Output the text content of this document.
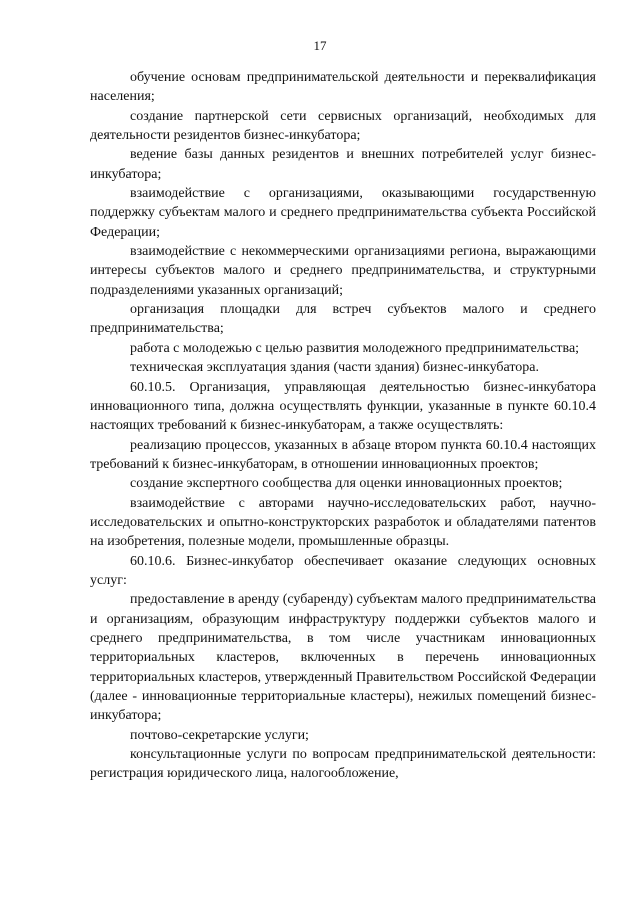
17

обучение основам предпринимательской деятельности и переквалификация населения;

создание партнерской сети сервисных организаций, необходимых для деятельности резидентов бизнес-инкубатора;

ведение базы данных резидентов и внешних потребителей услуг бизнес-инкубатора;

взаимодействие с организациями, оказывающими государственную поддержку субъектам малого и среднего предпринимательства субъекта Российской Федерации;

взаимодействие с некоммерческими организациями региона, выражающими интересы субъектов малого и среднего предпринимательства, и структурными подразделениями указанных организаций;

организация площадки для встреч субъектов малого и среднего предпринимательства;

работа с молодежью с целью развития молодежного предпринимательства;

техническая эксплуатация здания (части здания) бизнес-инкубатора.

60.10.5. Организация, управляющая деятельностью бизнес-инкубатора инновационного типа, должна осуществлять функции, указанные в пункте 60.10.4 настоящих требований к бизнес-инкубаторам, а также осуществлять:

реализацию процессов, указанных в абзаце втором пункта 60.10.4 настоящих требований к бизнес-инкубаторам, в отношении инновационных проектов;

создание экспертного сообщества для оценки инновационных проектов;

взаимодействие с авторами научно-исследовательских работ, научно-исследовательских и опытно-конструкторских разработок и обладателями патентов на изобретения, полезные модели, промышленные образцы.

60.10.6. Бизнес-инкубатор обеспечивает оказание следующих основных услуг:

предоставление в аренду (субаренду) субъектам малого предпринимательства и организациям, образующим инфраструктуру поддержки субъектов малого и среднего предпринимательства, в том числе участникам инновационных территориальных кластеров, включенных в перечень инновационных территориальных кластеров, утвержденный Правительством Российской Федерации (далее - инновационные территориальные кластеры), нежилых помещений бизнес-инкубатора;

почтово-секретарские услуги;

консультационные услуги по вопросам предпринимательской деятельности: регистрация юридического лица, налогообложение,
